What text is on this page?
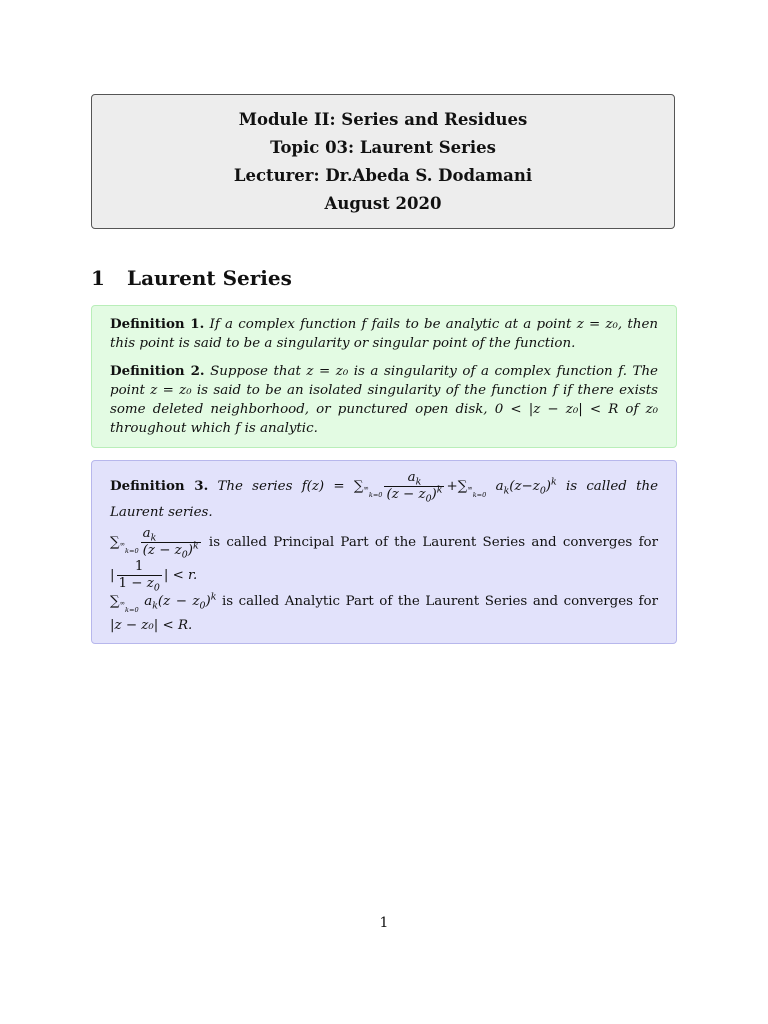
Module II: Series and Residues
Topic 03: Laurent Series
Lecturer: Dr.Abeda S. Dodamani
August 2020
1 Laurent Series

Definition 1. If a complex function f fails to be analytic at a point z = z₀, then this point is said to be a singularity or singular point of the function.

Definition 2. Suppose that z = z₀ is a singularity of a complex function f. The point z = z₀ is said to be an isolated singularity of the function f if there exists some deleted neighborhood, or punctured open disk, 0 < |z − z₀| < R of z₀ throughout which f is analytic.

Definition 3. The series $f(z) = \sum_{^\infty_{k=0}} \frac{a_k}{(z - z_0)^k} +\sum_{^\infty_{k=0}}$ $a_k(z-z_0)^k$ is called the Laurent series.

$\sum_{^\infty_{k=0}} \frac{a_k}{(z - z_0)^k}$ is called Principal Part of the Laurent Series and converges for

| $\frac{1}{1 - z_0}$ | < r.

$\sum_{^\infty_{k=0}}$ $a_k(z - z_0)^k$ is called Analytic Part of the Laurent Series and converges for

|z − z₀| < R.

1
